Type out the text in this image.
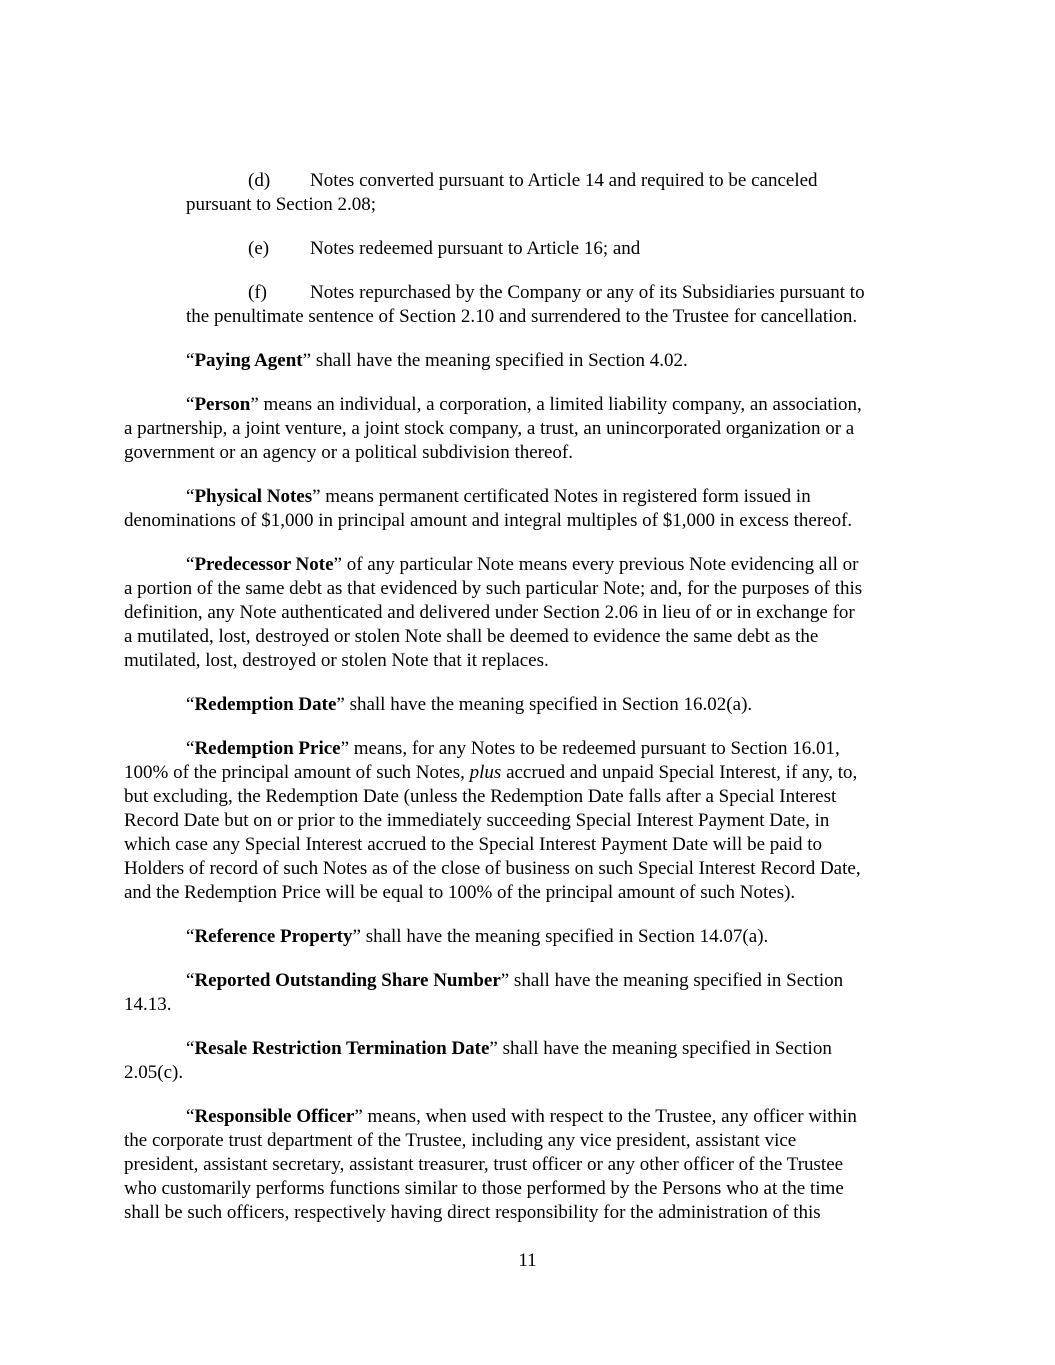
(d) Notes converted pursuant to Article 14 and required to be canceled
pursuant to Section 2.08;
(e) Notes redeemed pursuant to Article 16; and
(f) Notes repurchased by the Company or any of its Subsidiaries pursuant to
the penultimate sentence of Section 2.10 and surrendered to the Trustee for cancellation.
“Paying Agent” shall have the meaning specified in Section 4.02.
“Person” means an individual, a corporation, a limited liability company, an association,
a partnership, a joint venture, a joint stock company, a trust, an unincorporated organization or a
government or an agency or a political subdivision thereof.
“Physical Notes” means permanent certificated Notes in registered form issued in
denominations of $1,000 in principal amount and integral multiples of $1,000 in excess thereof.
“Predecessor Note” of any particular Note means every previous Note evidencing all or
a portion of the same debt as that evidenced by such particular Note; and, for the purposes of this
definition, any Note authenticated and delivered under Section 2.06 in lieu of or in exchange for
a mutilated, lost, destroyed or stolen Note shall be deemed to evidence the same debt as the
mutilated, lost, destroyed or stolen Note that it replaces.
“Redemption Date” shall have the meaning specified in Section 16.02(a).
“Redemption Price” means, for any Notes to be redeemed pursuant to Section 16.01,
100% of the principal amount of such Notes, plus accrued and unpaid Special Interest, if any, to,
but excluding, the Redemption Date (unless the Redemption Date falls after a Special Interest
Record Date but on or prior to the immediately succeeding Special Interest Payment Date, in
which case any Special Interest accrued to the Special Interest Payment Date will be paid to
Holders of record of such Notes as of the close of business on such Special Interest Record Date,
and the Redemption Price will be equal to 100% of the principal amount of such Notes).
“Reference Property” shall have the meaning specified in Section 14.07(a).
“Reported Outstanding Share Number” shall have the meaning specified in Section
14.13.
“Resale Restriction Termination Date” shall have the meaning specified in Section
2.05(c).
“Responsible Officer” means, when used with respect to the Trustee, any officer within
the corporate trust department of the Trustee, including any vice president, assistant vice
president, assistant secretary, assistant treasurer, trust officer or any other officer of the Trustee
who customarily performs functions similar to those performed by the Persons who at the time
shall be such officers, respectively having direct responsibility for the administration of this
11
